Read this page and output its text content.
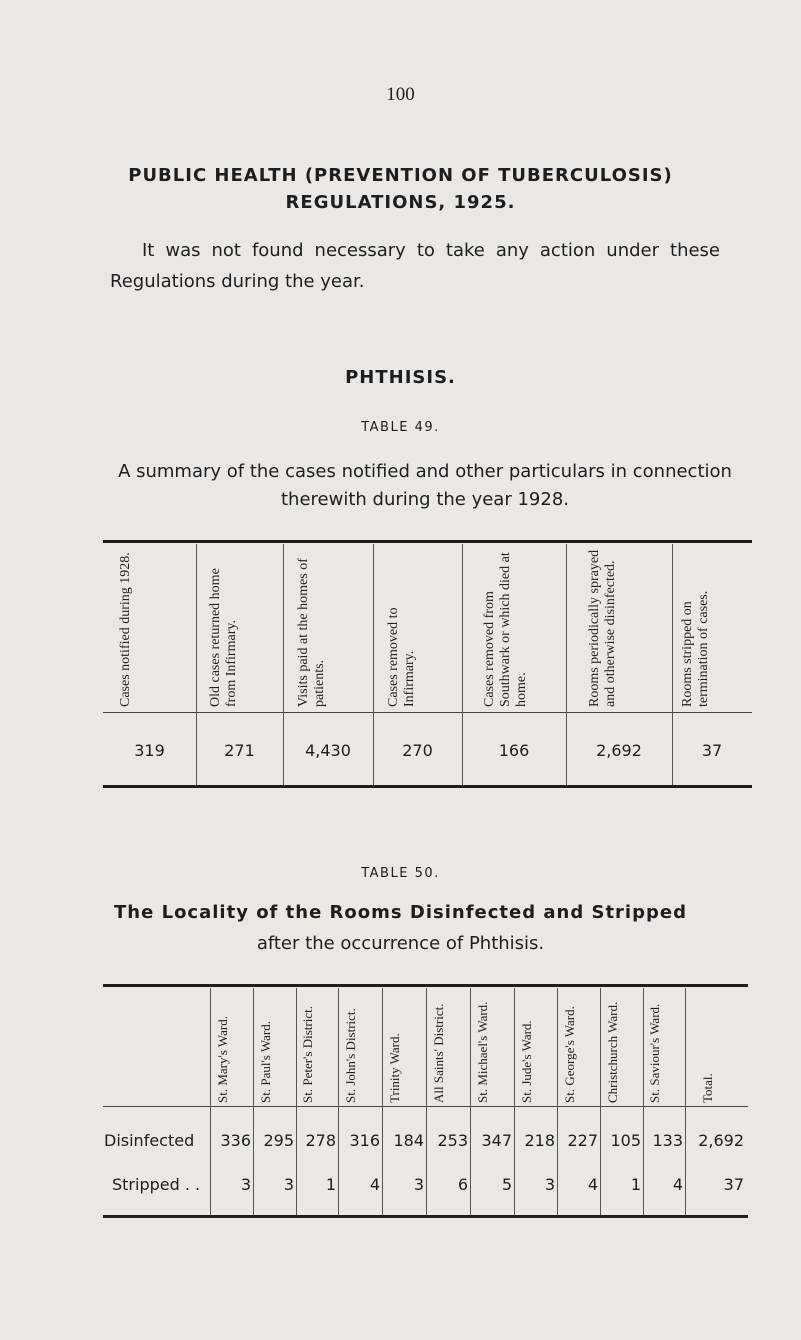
100
PUBLIC HEALTH (PREVENTION OF TUBERCULOSIS)
REGULATIONS, 1925.
It was not found necessary to take any action under these Regulations during the year.
PHTHISIS.
TABLE 49.
A summary of the cases notified and other particulars in connection
therewith during the year 1928.
Cases notified during 1928.	Old cases returned home from Infirmary.	Visits paid at the homes of patients.	Cases removed to Infirmary.	Cases removed from Southwark or which died at home.	Rooms periodically sprayed and otherwise disinfected.	Rooms stripped on termination of cases.
319	271	4,430	270	166	2,692	37
TABLE 50.
The Locality of the Rooms Disinfected and Stripped
after the occurrence of Phthisis.
St. Mary's Ward.	St. Paul's Ward.	St. Peter's District.	St. John's District.	Trinity Ward.	All Saints' District.	St. Michael's Ward.	St. Jude's Ward.	St. George's Ward.	Christchurch Ward.	St. Saviour's Ward.	Total.
Disinfected	336 295 278 316 184 253 347 218 227 105 133 2,692
Stripped . .	3	3	1	4	3	6	5	3	4	1	4	37
